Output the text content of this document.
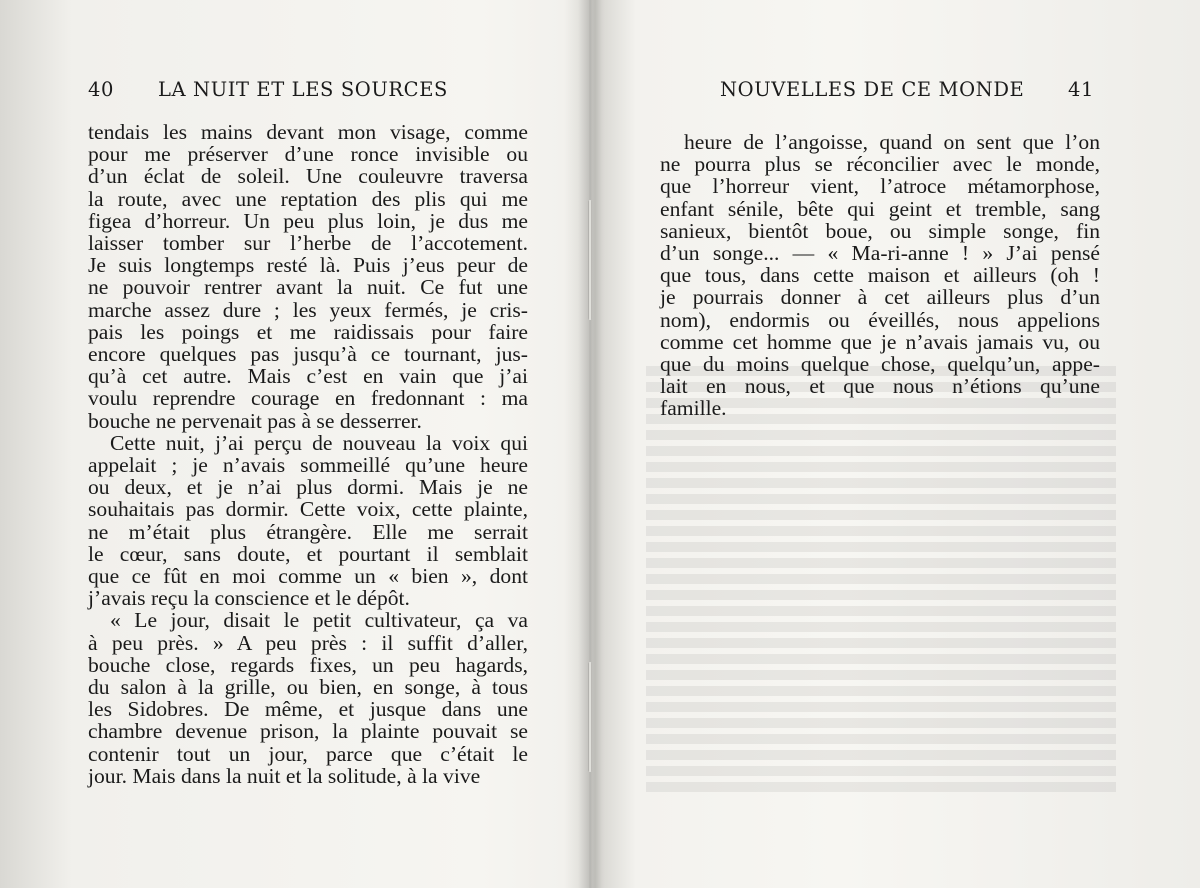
40 LA NUIT ET LES SOURCES
tendais les mains devant mon visage, comme
pour me préserver d’une ronce invisible ou
d’un éclat de soleil. Une couleuvre traversa
la route, avec une reptation des plis qui me
figea d’horreur. Un peu plus loin, je dus me
laisser tomber sur l’herbe de l’accotement.
Je suis longtemps resté là. Puis j’eus peur de
ne pouvoir rentrer avant la nuit. Ce fut une
marche assez dure ; les yeux fermés, je cris-
pais les poings et me raidissais pour faire
encore quelques pas jusqu’à ce tournant, jus-
qu’à cet autre. Mais c’est en vain que j’ai
voulu reprendre courage en fredonnant : ma
bouche ne pervenait pas à se desserrer.
Cette nuit, j’ai perçu de nouveau la voix qui
appelait ; je n’avais sommeillé qu’une heure
ou deux, et je n’ai plus dormi. Mais je ne
souhaitais pas dormir. Cette voix, cette plainte,
ne m’était plus étrangère. Elle me serrait
le cœur, sans doute, et pourtant il semblait
que ce fût en moi comme un « bien », dont
j’avais reçu la conscience et le dépôt.
« Le jour, disait le petit cultivateur, ça va
à peu près. » A peu près : il suffit d’aller,
bouche close, regards fixes, un peu hagards,
du salon à la grille, ou bien, en songe, à tous
les Sidobres. De même, et jusque dans une
chambre devenue prison, la plainte pouvait se
contenir tout un jour, parce que c’était le
jour. Mais dans la nuit et la solitude, à la vive
NOUVELLES DE CE MONDE 41
heure de l’angoisse, quand on sent que l’on
ne pourra plus se réconcilier avec le monde,
que l’horreur vient, l’atroce métamorphose,
enfant sénile, bête qui geint et tremble, sang
sanieux, bientôt boue, ou simple songe, fin
d’un songe... — « Ma-ri-anne ! » J’ai pensé
que tous, dans cette maison et ailleurs (oh !
je pourrais donner à cet ailleurs plus d’un
nom), endormis ou éveillés, nous appelions
comme cet homme que je n’avais jamais vu, ou
que du moins quelque chose, quelqu’un, appe-
lait en nous, et que nous n’étions qu’une
famille.
